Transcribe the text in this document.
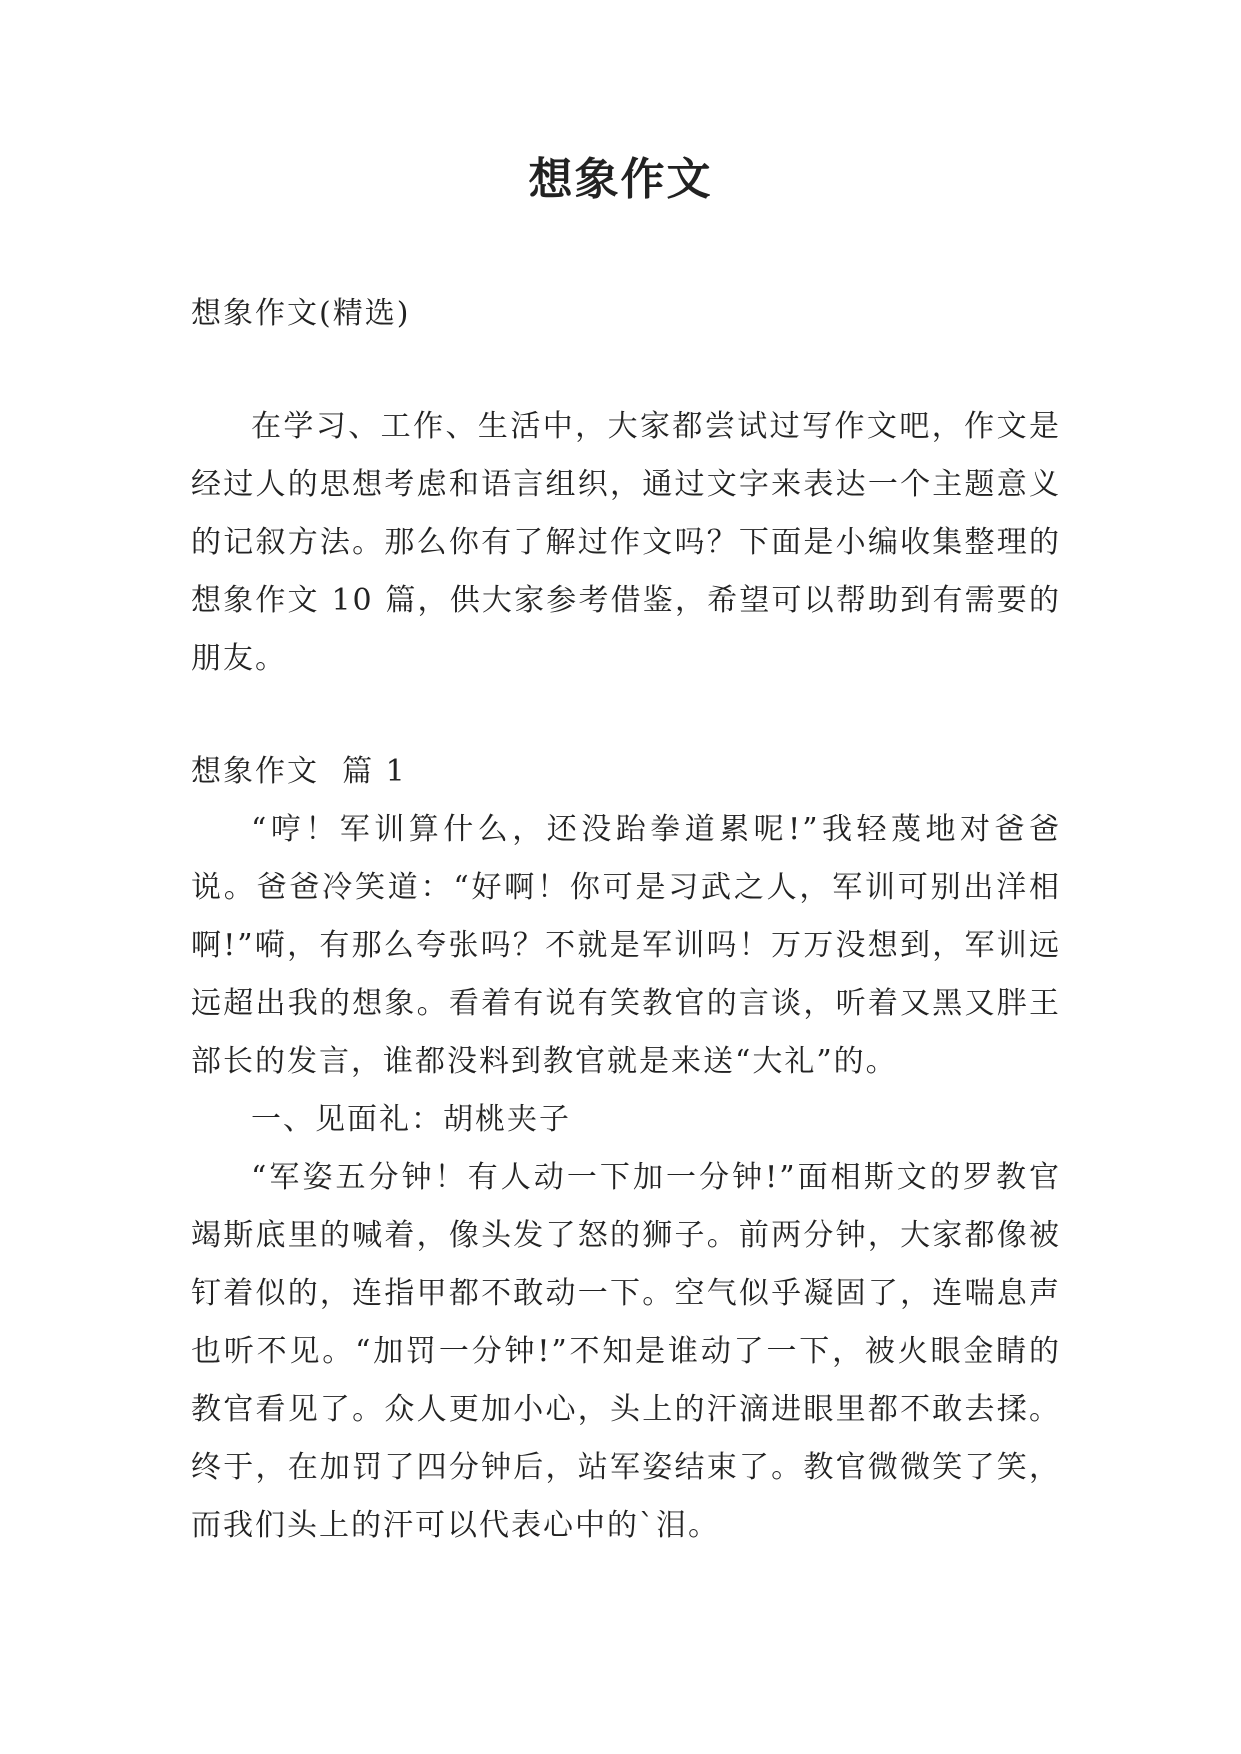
想象作文

想象作文(精选)

在学习、工作、生活中，大家都尝试过写作文吧，作文是经过人的思想考虑和语言组织，通过文字来表达一个主题意义的记叙方法。那么你有了解过作文吗？下面是小编收集整理的想象作文 10 篇，供大家参考借鉴，希望可以帮助到有需要的朋友。

想象作文  篇 1

“哼！军训算什么，还没跆拳道累呢!”我轻蔑地对爸爸说。爸爸冷笑道：“好啊！你可是习武之人，军训可别出洋相啊!”嗬，有那么夸张吗？不就是军训吗！万万没想到，军训远远超出我的想象。看着有说有笑教官的言谈，听着又黑又胖王部长的发言，谁都没料到教官就是来送“大礼”的。

一、见面礼：胡桃夹子

“军姿五分钟！有人动一下加一分钟!”面相斯文的罗教官竭斯底里的喊着，像头发了怒的狮子。前两分钟，大家都像被钉着似的，连指甲都不敢动一下。空气似乎凝固了，连喘息声也听不见。“加罚一分钟!”不知是谁动了一下，被火眼金睛的教官看见了。众人更加小心，头上的汗滴进眼里都不敢去揉。终于，在加罚了四分钟后，站军姿结束了。教官微微笑了笑，而我们头上的汗可以代表心中的`泪。
